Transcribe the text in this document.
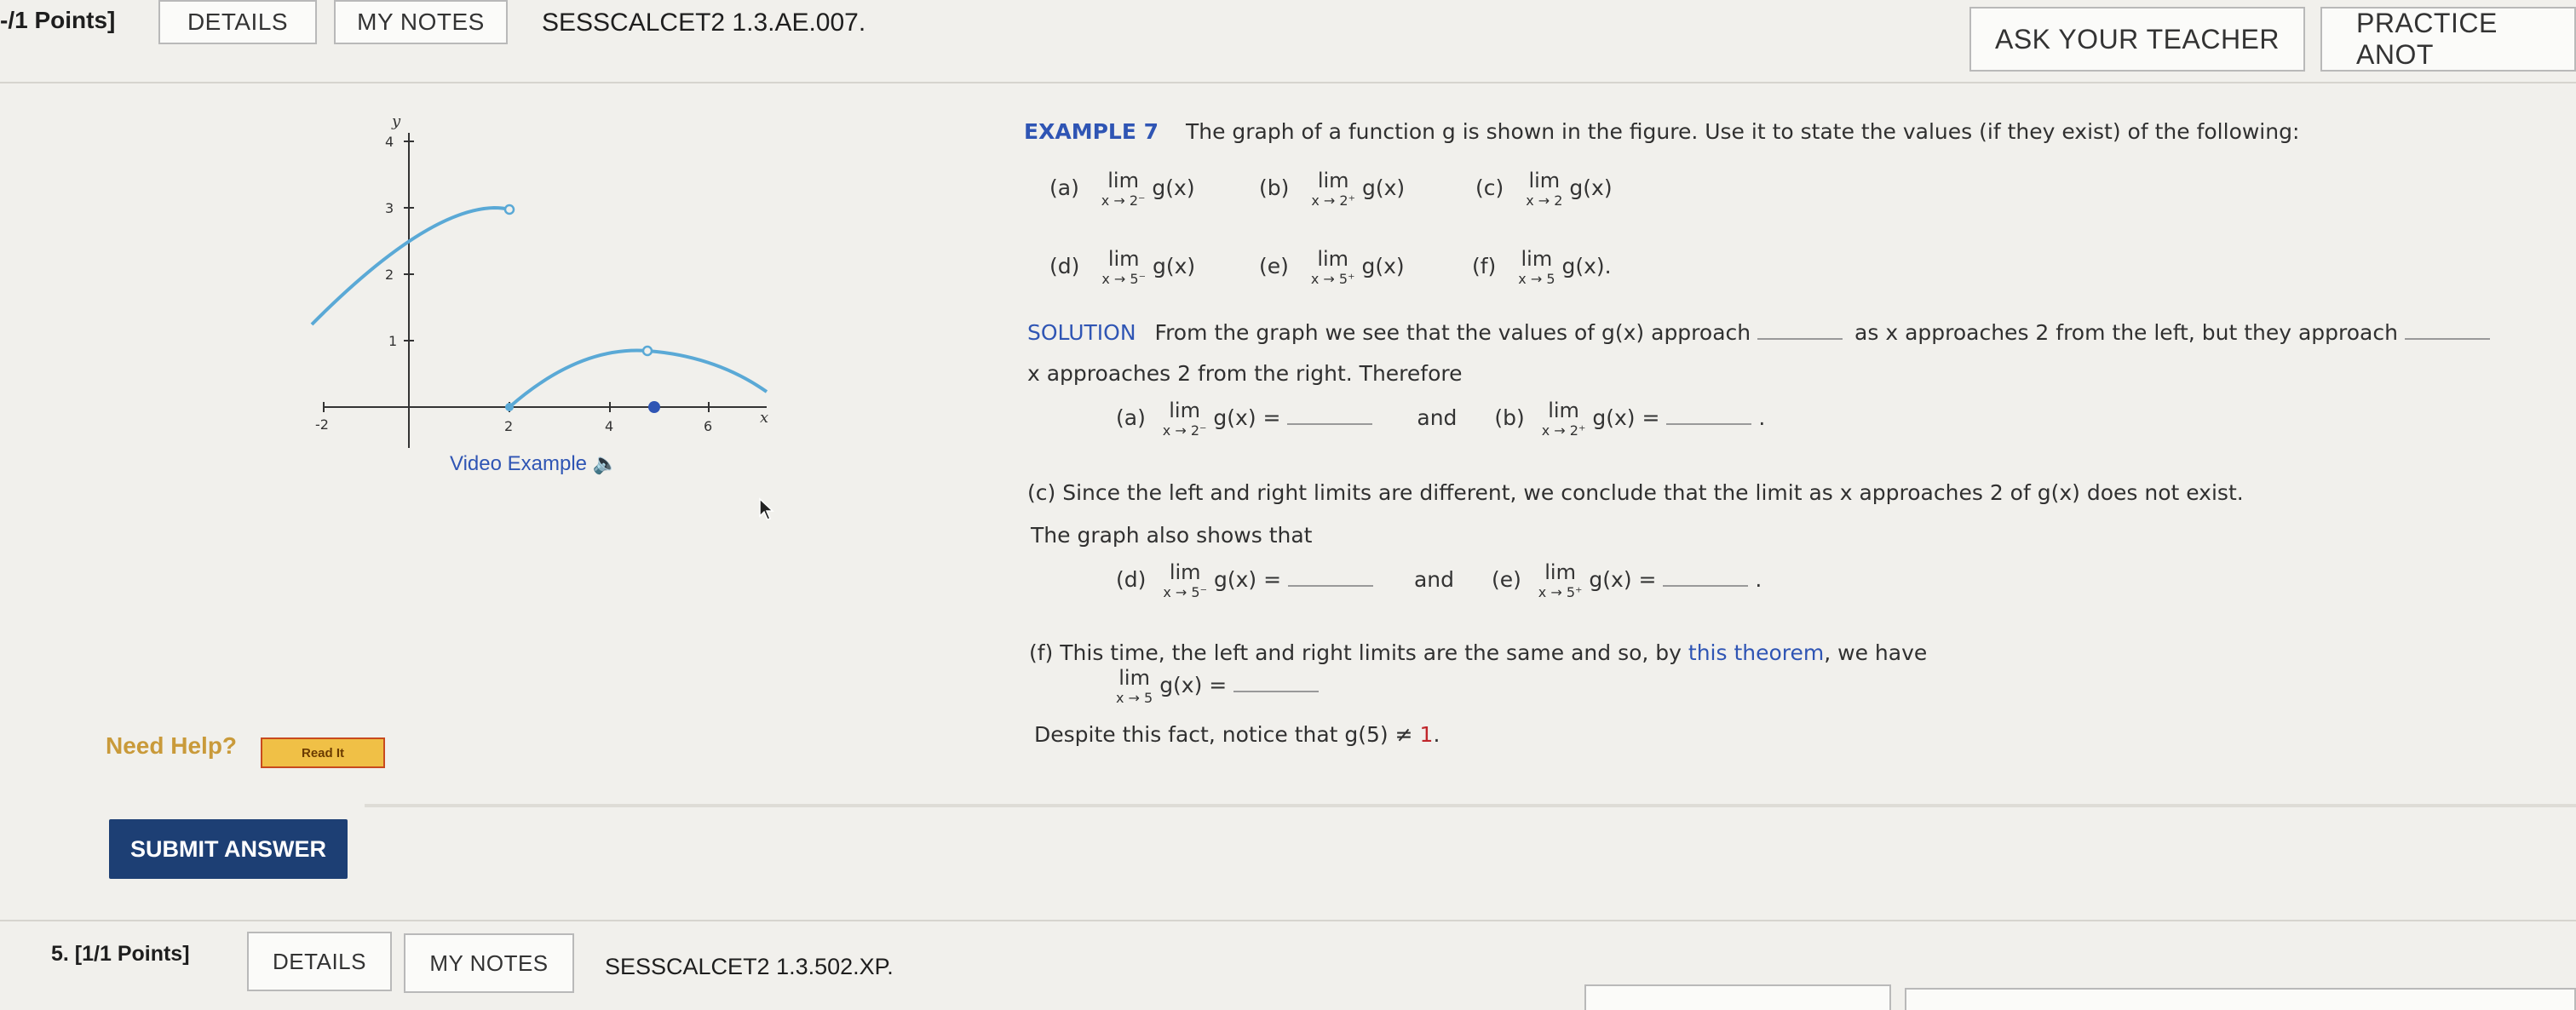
-/1 Points]	DETAILS	MY NOTES	SESSCALCET2 1.3.AE.007.
ASK YOUR TEACHER
PRACTICE ANOT
y
x
4
3
2
1
-2	2	4	6
Video Example 🔈
EXAMPLE 7 The graph of a function g is shown in the figure. Use it to state the values (if they exist) of the following:
(a)	lim
x → 2⁻
g(x)	(b)	lim
x → 2⁺
g(x)	(c) lim
x → 2
g(x)
(d)	lim
x → 5⁻
g(x)	(e)	lim
x → 5⁺
g(x)	(f) lim
x → 5
g(x).
SOLUTION From the graph we see that the values of g(x) approach	as x approaches 2 from the left, but they approach
x approaches 2 from the right. Therefore
(a)	lim
x → 2⁻
g(x) =	and (b)	lim
x → 2⁺
g(x) =	.
(c) Since the left and right limits are different, we conclude that the limit as x approaches 2 of g(x) does not exist.
The graph also shows that
(d)	lim
x → 5⁻
g(x) =	and (e)	lim
x → 5⁺
g(x) =	.
(f) This time, the left and right limits are the same and so, by this theorem, we have
lim
x → 5
g(x) =
Despite this fact, notice that g(5) ≠ 1.
Need Help?	Read It
SUBMIT ANSWER
5. [1/1 Points]	DETAILS	MY NOTES	SESSCALCET2 1.3.502.XP.
